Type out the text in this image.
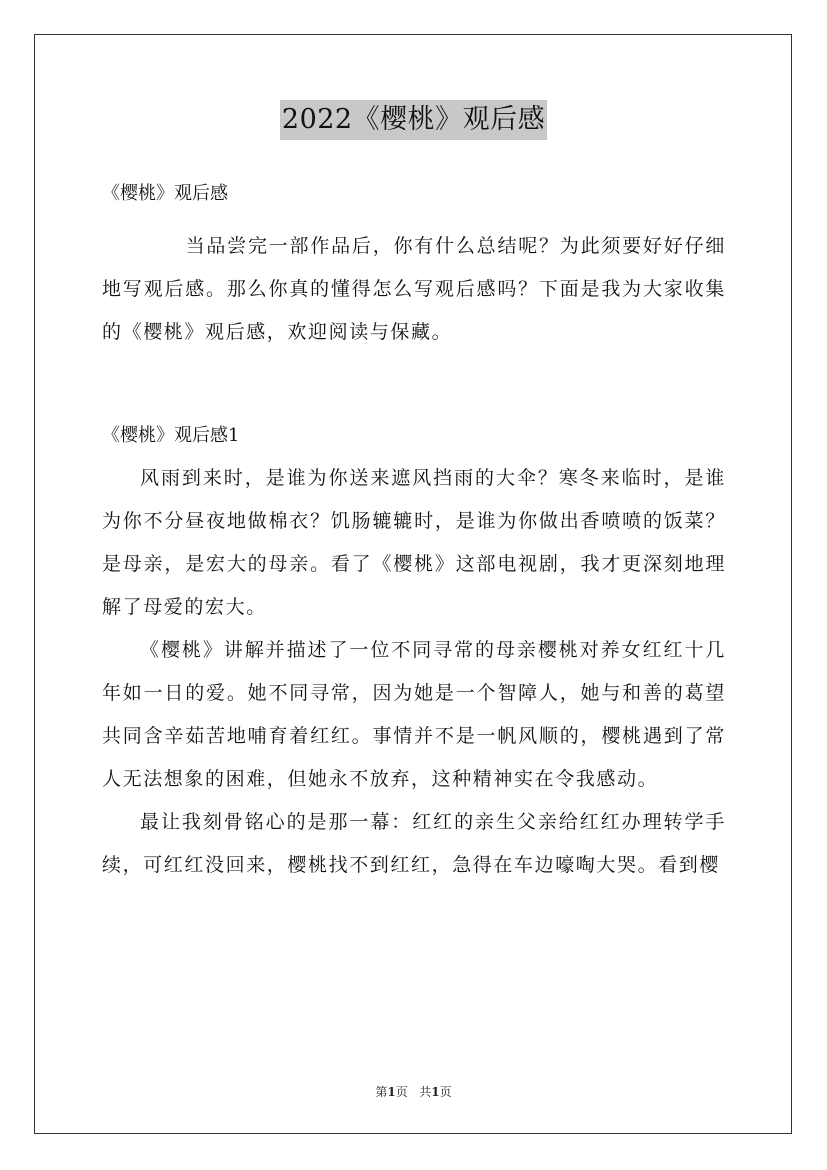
2022《樱桃》观后感

《樱桃》观后感

当品尝完一部作品后，你有什么总结呢？为此须要好好仔细地写观后感。那么你真的懂得怎么写观后感吗？下面是我为大家收集的《樱桃》观后感，欢迎阅读与保藏。

《樱桃》观后感1

风雨到来时，是谁为你送来遮风挡雨的大伞？寒冬来临时，是谁为你不分昼夜地做棉衣？饥肠辘辘时，是谁为你做出香喷喷的饭菜？是母亲，是宏大的母亲。看了《樱桃》这部电视剧，我才更深刻地理解了母爱的宏大。

《樱桃》讲解并描述了一位不同寻常的母亲樱桃对养女红红十几年如一日的爱。她不同寻常，因为她是一个智障人，她与和善的葛望共同含辛茹苦地哺育着红红。事情并不是一帆风顺的，樱桃遇到了常人无法想象的困难，但她永不放弃，这种精神实在令我感动。

最让我刻骨铭心的是那一幕：红红的亲生父亲给红红办理转学手续，可红红没回来，樱桃找不到红红，急得在车边嚎啕大哭。看到樱

第1页 共1页
